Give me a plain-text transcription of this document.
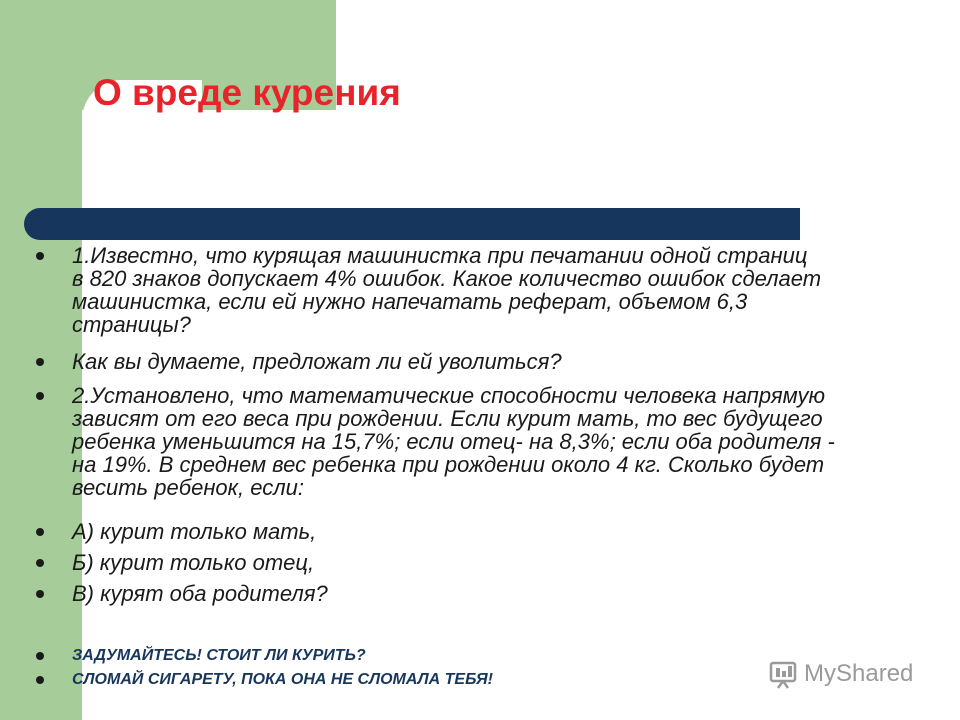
О вреде курения

1.Известно, что курящая машинистка при печатании одной страниц
в 820 знаков допускает 4% ошибок. Какое количество ошибок сделает
машинистка, если ей нужно напечатать реферат, объемом 6,3
страницы?

Как вы думаете, предложат ли ей уволиться?

2.Установлено, что математические способности человека напрямую
зависят от его веса при рождении. Если курит мать, то вес будущего
ребенка уменьшится на 15,7%; если отец- на 8,3%; если оба родителя -
на 19%. В среднем вес ребенка при рождении около 4 кг. Сколько будет
весить ребенок, если:

А) курит только мать,

Б) курит только отец,

В) курят оба родителя?

ЗАДУМАЙТЕСЬ! СТОИТ ЛИ КУРИТЬ?

СЛОМАЙ СИГАРЕТУ, ПОКА ОНА НЕ СЛОМАЛА ТЕБЯ!	MyShared
